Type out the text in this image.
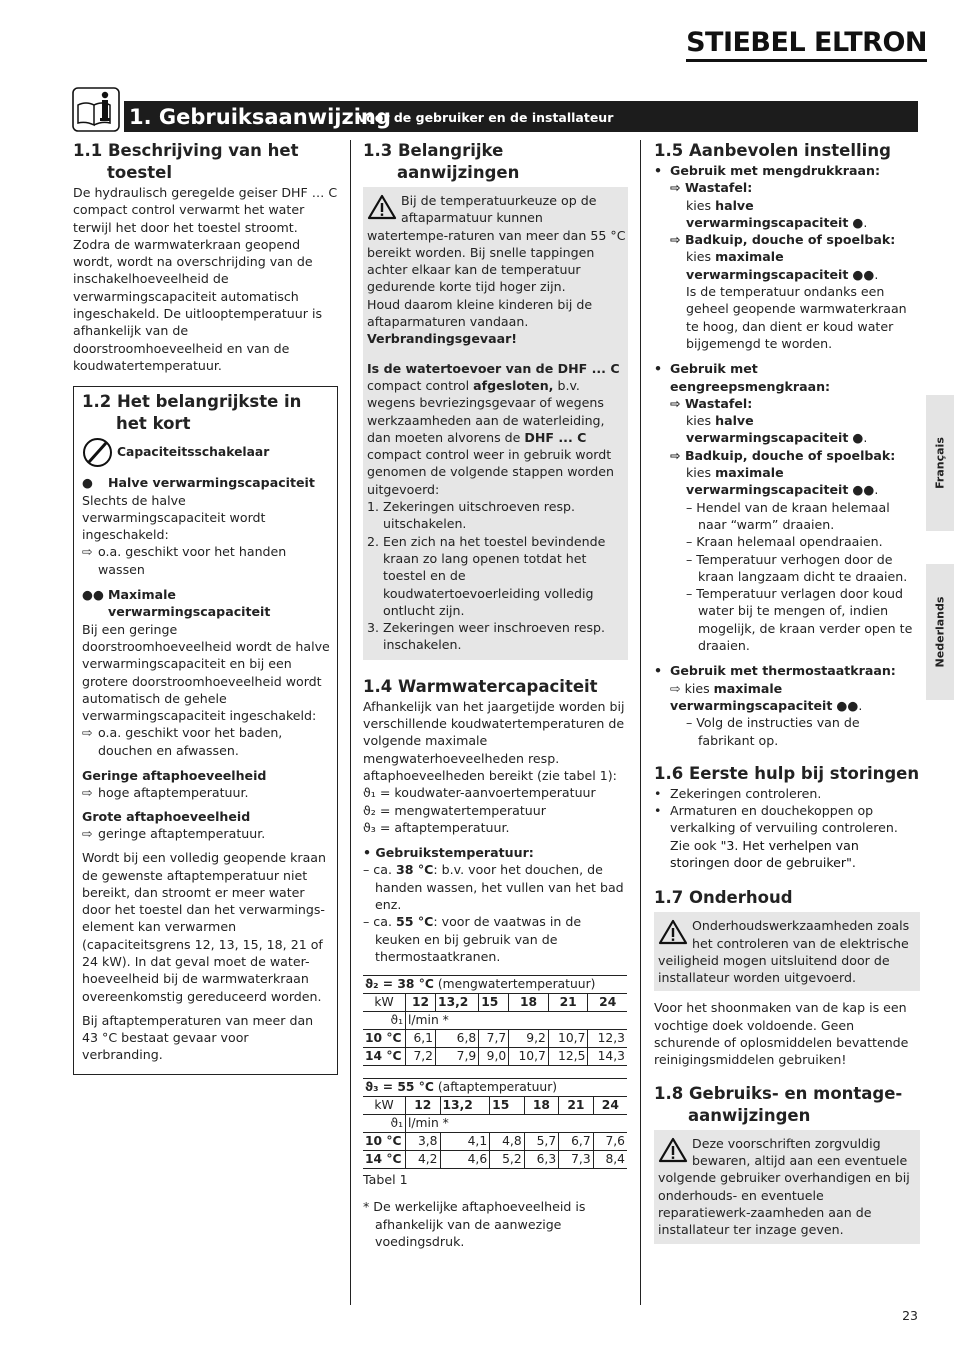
STIEBEL ELTRON
1. Gebruiksaanwijzing
voor de gebruiker en de installateur
1.1 Beschrijving van het toestel

De hydraulisch geregelde geiser DHF … C compact control verwarmt het water terwijl het door het toestel stroomt. Zodra de warmwaterkraan geopend wordt, wordt na overschrijding van de inschakelhoeveelheid de verwarmingscapaciteit automatisch ingeschakeld. De uitlooptemperatuur is afhankelijk van de doorstroomhoeveelheid en van de koudwatertemperatuur.

1.2 Het belangrijkste in het kort

Capaciteitsschakelaar

● Halve verwarmingscapaciteit

Slechts de halve verwarmingscapaciteit wordt ingeschakeld:

⇨ o.a. geschikt voor het handen wassen

●● Maximale verwarmingscapaciteit

Bij een geringe doorstroomhoeveelheid wordt de halve verwarmingscapaciteit en bij een grotere doorstroomhoeveelheid wordt automatisch de gehele verwarmingscapaciteit ingeschakeld:

⇨ o.a. geschikt voor het baden, douchen en afwassen.

Geringe aftaphoeveelheid

⇨ hoge aftaptemperatuur.

Grote aftaphoeveelheid

⇨ geringe aftaptemperatuur.

Wordt bij een volledig geopende kraan de gewenste aftaptemperatuur niet bereikt, dan stroomt er meer water door het toestel dan het verwarmings-element kan verwarmen (capaciteitsgrens 12, 13, 15, 18, 21 of 24 kW). In dat geval moet de water-hoeveelheid bij de warmwaterkraan overeenkomstig gereduceerd worden.

Bij aftaptemperaturen van meer dan 43 °C bestaat gevaar voor verbranding.

1.3 Belangrijke aanwijzingen

Bij de temperatuurkeuze op de aftaparmatuur kunnen watertempe-raturen van meer dan 55 °C bereikt worden. Bij snelle tappingen achter elkaar kan de temperatuur gedurende korte tijd hoger zijn.

Houd daarom kleine kinderen bij de aftaparmaturen vandaan.

Verbrandingsgevaar!

Is de watertoevoer van de DHF ... C compact control afgesloten, b.v. wegens bevriezingsgevaar of wegens werkzaamheden aan de waterleiding, dan moeten alvorens de DHF ... C compact control weer in gebruik wordt genomen de volgende stappen worden uitgevoerd:

1. Zekeringen uitschroeven resp. uitschakelen.

2. Een zich na het toestel bevindende kraan zo lang openen totdat het toestel en de koudwatertoevoerleiding volledig ontlucht zijn.

3. Zekeringen weer inschroeven resp. inschakelen.

1.4 Warmwatercapaciteit

Afhankelijk van het jaargetijde worden bij verschillende koudwatertemperaturen de volgende maximale mengwaterhoeveelheden resp. aftaphoeveelheden bereikt (zie tabel 1):

ϑ₁ = koudwater-aanvoertemperatuur

ϑ₂ = mengwatertemperatuur

ϑ₃ = aftaptemperatuur.

• Gebruikstemperatuur:

– ca. 38 °C: b.v. voor het douchen, de handen wassen, het vullen van het bad enz.

– ca. 55 °C: voor de vaatwas in de keuken en bij gebruik van de thermostaatkranen.

ϑ₂ = 38 °C (mengwatertemperatuur)						
kW	12	13,2	15	18	21	24
ϑ₁	l/min *					
10 °C	6,1	6,8	7,7	9,2	10,7	12,3
14 °C	7,2	7,9	9,0	10,7	12,5	14,3
ϑ₃ = 55 °C (aftaptemperatuur)						
kW	12	13,2	15	18	21	24
ϑ₁	l/min *					
10 °C	3,8	4,1	4,8	5,7	6,7	7,6
14 °C	4,2	4,6	5,2	6,3	7,3	8,4

Tabel 1

* De werkelijke aftaphoeveelheid is afhankelijk van de aanwezige voedingsdruk.

1.5 Aanbevolen instelling

• Gebruik met mengdrukkraan:

⇨ Wastafel:

kies halve verwarmingscapaciteit ●.

⇨ Badkuip, douche of spoelbak:

kies maximale verwarmingscapaciteit ●●.

Is de temperatuur ondanks een geheel geopende warmwaterkraan te hoog, dan dient er koud water bijgemengd te worden.

• Gebruik met eengreepsmengkraan:

⇨ Wastafel:

kies halve verwarmingscapaciteit ●.

⇨ Badkuip, douche of spoelbak:

kies maximale verwarmingscapaciteit ●●.

– Hendel van de kraan helemaal naar “warm” draaien.

– Kraan helemaal opendraaien.

– Temperatuur verhogen door de kraan langzaam dicht te draaien.

– Temperatuur verlagen door koud water bij te mengen of, indien mogelijk, de kraan verder open te draaien.

• Gebruik met thermostaatkraan:

⇨ kies maximale verwarmingscapaciteit ●●.

– Volg de instructies van de fabrikant op.

1.6 Eerste hulp bij storingen

• Zekeringen controleren.

• Armaturen en douchekoppen op verkalking of vervuiling controleren. Zie ook "3. Het verhelpen van storingen door de gebruiker".

1.7 Onderhoud

Onderhoudswerkzaamheden zoals het controleren van de elektrische veiligheid mogen uitsluitend door de installateur worden uitgevoerd.

Voor het shoonmaken van de kap is een vochtige doek voldoende. Geen schurende of oplosmiddelen bevattende reinigingsmiddelen gebruiken!

1.8 Gebruiks- en montage-aanwijzingen

Deze voorschriften zorgvuldig bewaren, altijd aan een eventuele volgende gebruiker overhandigen en bij onderhouds- en eventuele reparatiewerk-zaamheden aan de installateur ter inzage geven.

Français
Nederlands
23
